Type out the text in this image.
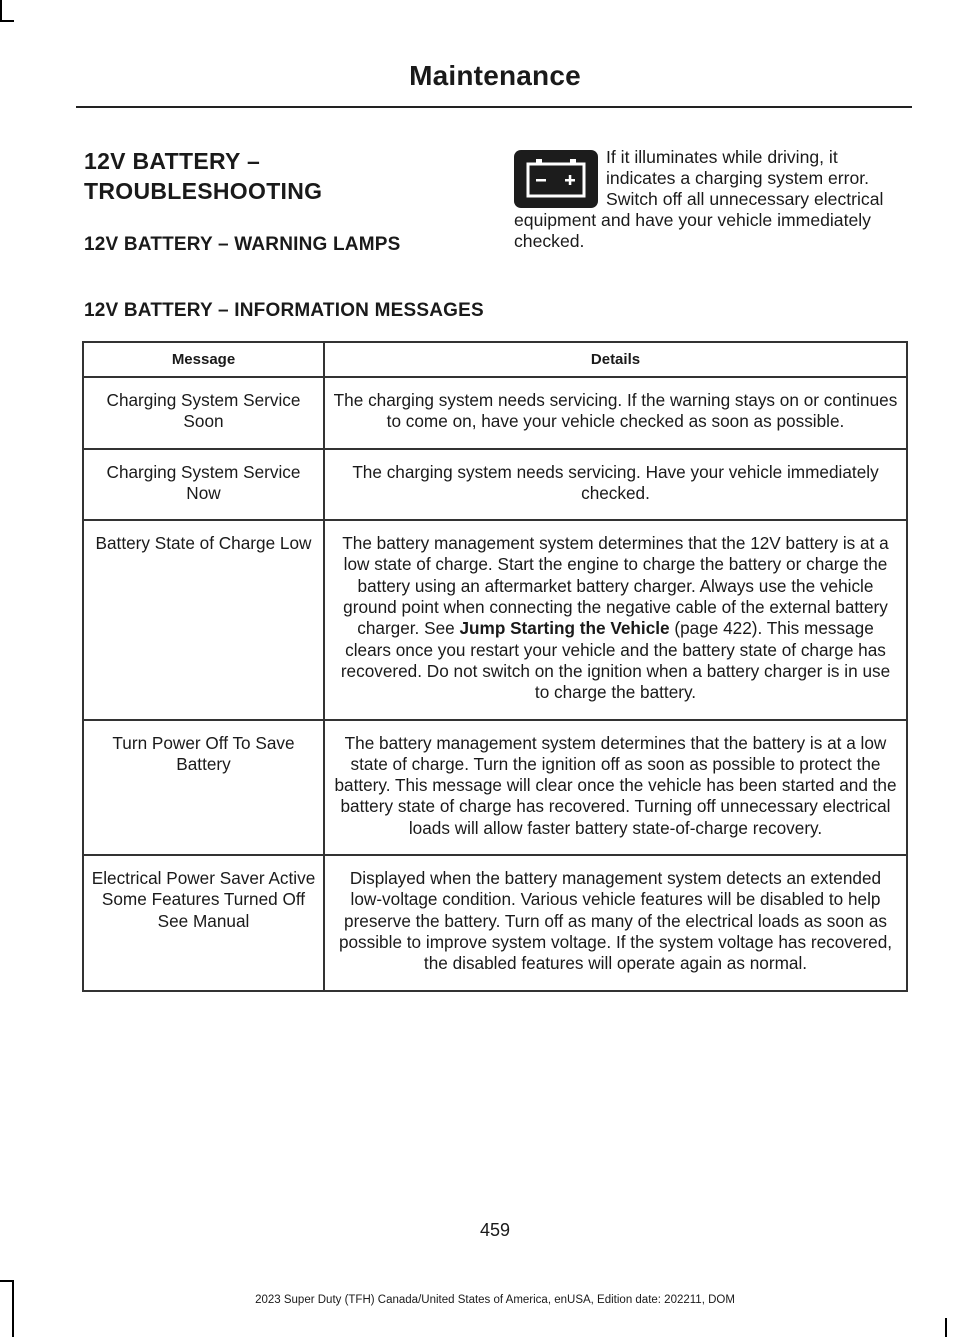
Maintenance
12V BATTERY –
TROUBLESHOOTING
12V BATTERY – WARNING LAMPS
12V BATTERY – INFORMATION MESSAGES
If it illuminates while driving, it indicates a charging system error. Switch off all unnecessary electrical equipment and have your vehicle immediately checked.
Message	Details
Charging System Service Soon	The charging system needs servicing. If the warning stays on or continues to come on, have your vehicle checked as soon as possible.
Charging System Service Now	The charging system needs servicing. Have your vehicle immediately checked.
Battery State of Charge Low	The battery management system determines that the 12V battery is at a low state of charge. Start the engine to charge the battery or charge the battery using an aftermarket battery charger. Always use the vehicle ground point when connecting the negative cable of the external battery charger. See Jump Starting the Vehicle (page 422). This message clears once you restart your vehicle and the battery state of charge has recovered. Do not switch on the ignition when a battery charger is in use to charge the battery.
Turn Power Off To Save Battery	The battery management system determines that the battery is at a low state of charge. Turn the ignition off as soon as possible to protect the battery. This message will clear once the vehicle has been started and the battery state of charge has recovered. Turning off unnecessary electrical loads will allow faster battery state-of-charge recovery.
Electrical Power Saver Active Some Features Turned Off See Manual	Displayed when the battery management system detects an extended low-voltage condition. Various vehicle features will be disabled to help preserve the battery. Turn off as many of the electrical loads as soon as possible to improve system voltage. If the system voltage has recovered, the disabled features will operate again as normal.
459
2023 Super Duty (TFH) Canada/United States of America, enUSA, Edition date: 202211, DOM
